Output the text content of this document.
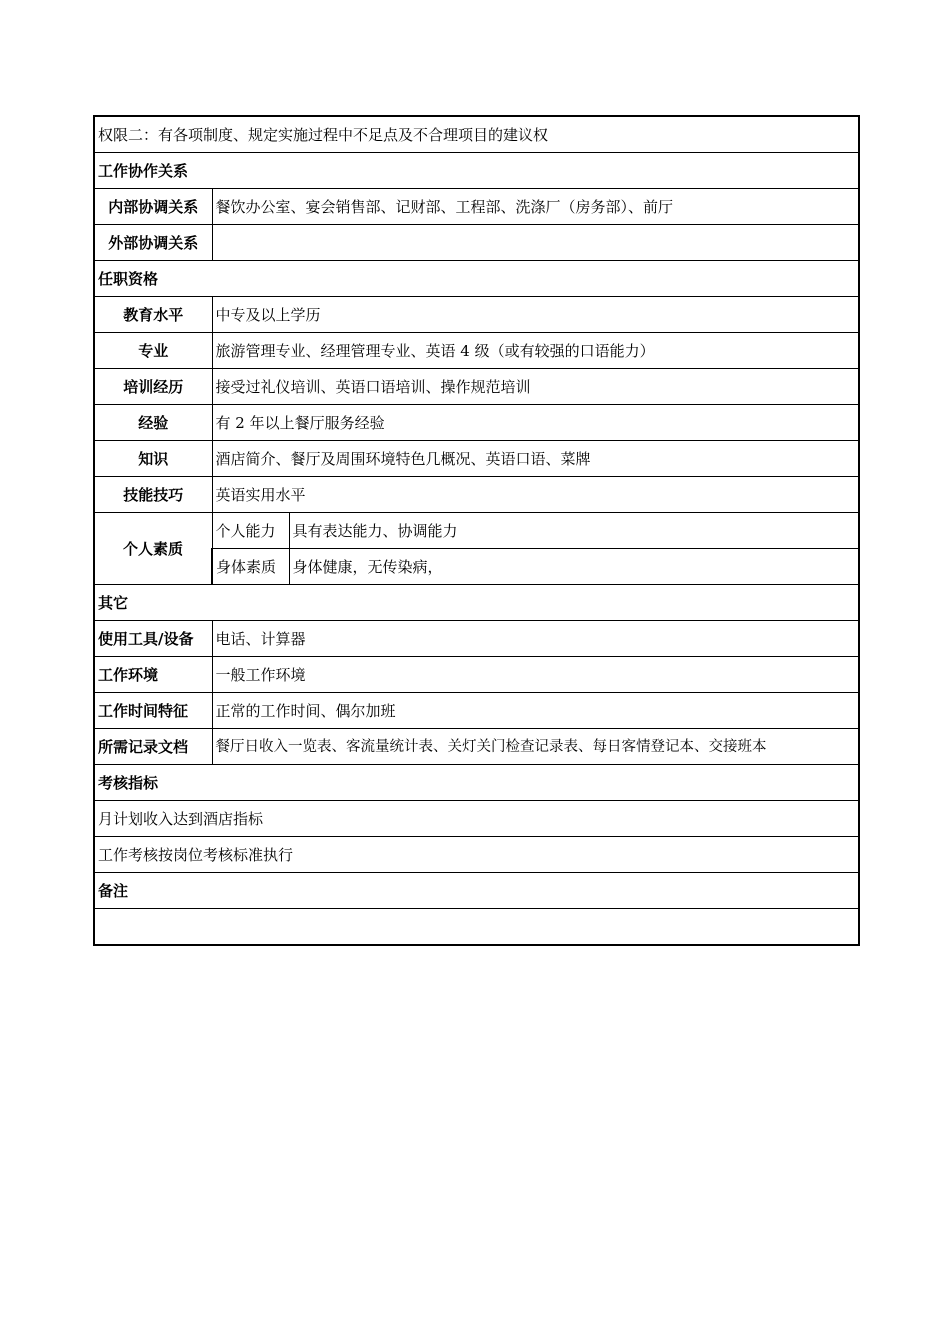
权限二：有各项制度、规定实施过程中不足点及不合理项目的建议权		
工作协作关系		
内部协调关系	餐饮办公室、宴会销售部、记财部、工程部、洗涤厂（房务部）、前厅	
外部协调关系		
任职资格		
教育水平	中专及以上学历	
专业	旅游管理专业、经理管理专业、英语 4 级（或有较强的口语能力）	
培训经历	接受过礼仪培训、英语口语培训、操作规范培训	
经验	有 2 年以上餐厅服务经验	
知识	酒店简介、餐厅及周围环境特色几概况、英语口语、菜牌	
技能技巧	英语实用水平	
个人素质	个人能力	具有表达能力、协调能力
	身体素质	身体健康，无传染病，
其它		
使用工具/设备	电话、计算器	
工作环境	一般工作环境	
工作时间特征	正常的工作时间、偶尔加班	
所需记录文档	餐厅日收入一览表、客流量统计表、关灯关门检查记录表、每日客情登记本、交接班本	
考核指标		
月计划收入达到酒店指标		
工作考核按岗位考核标准执行		
备注		
